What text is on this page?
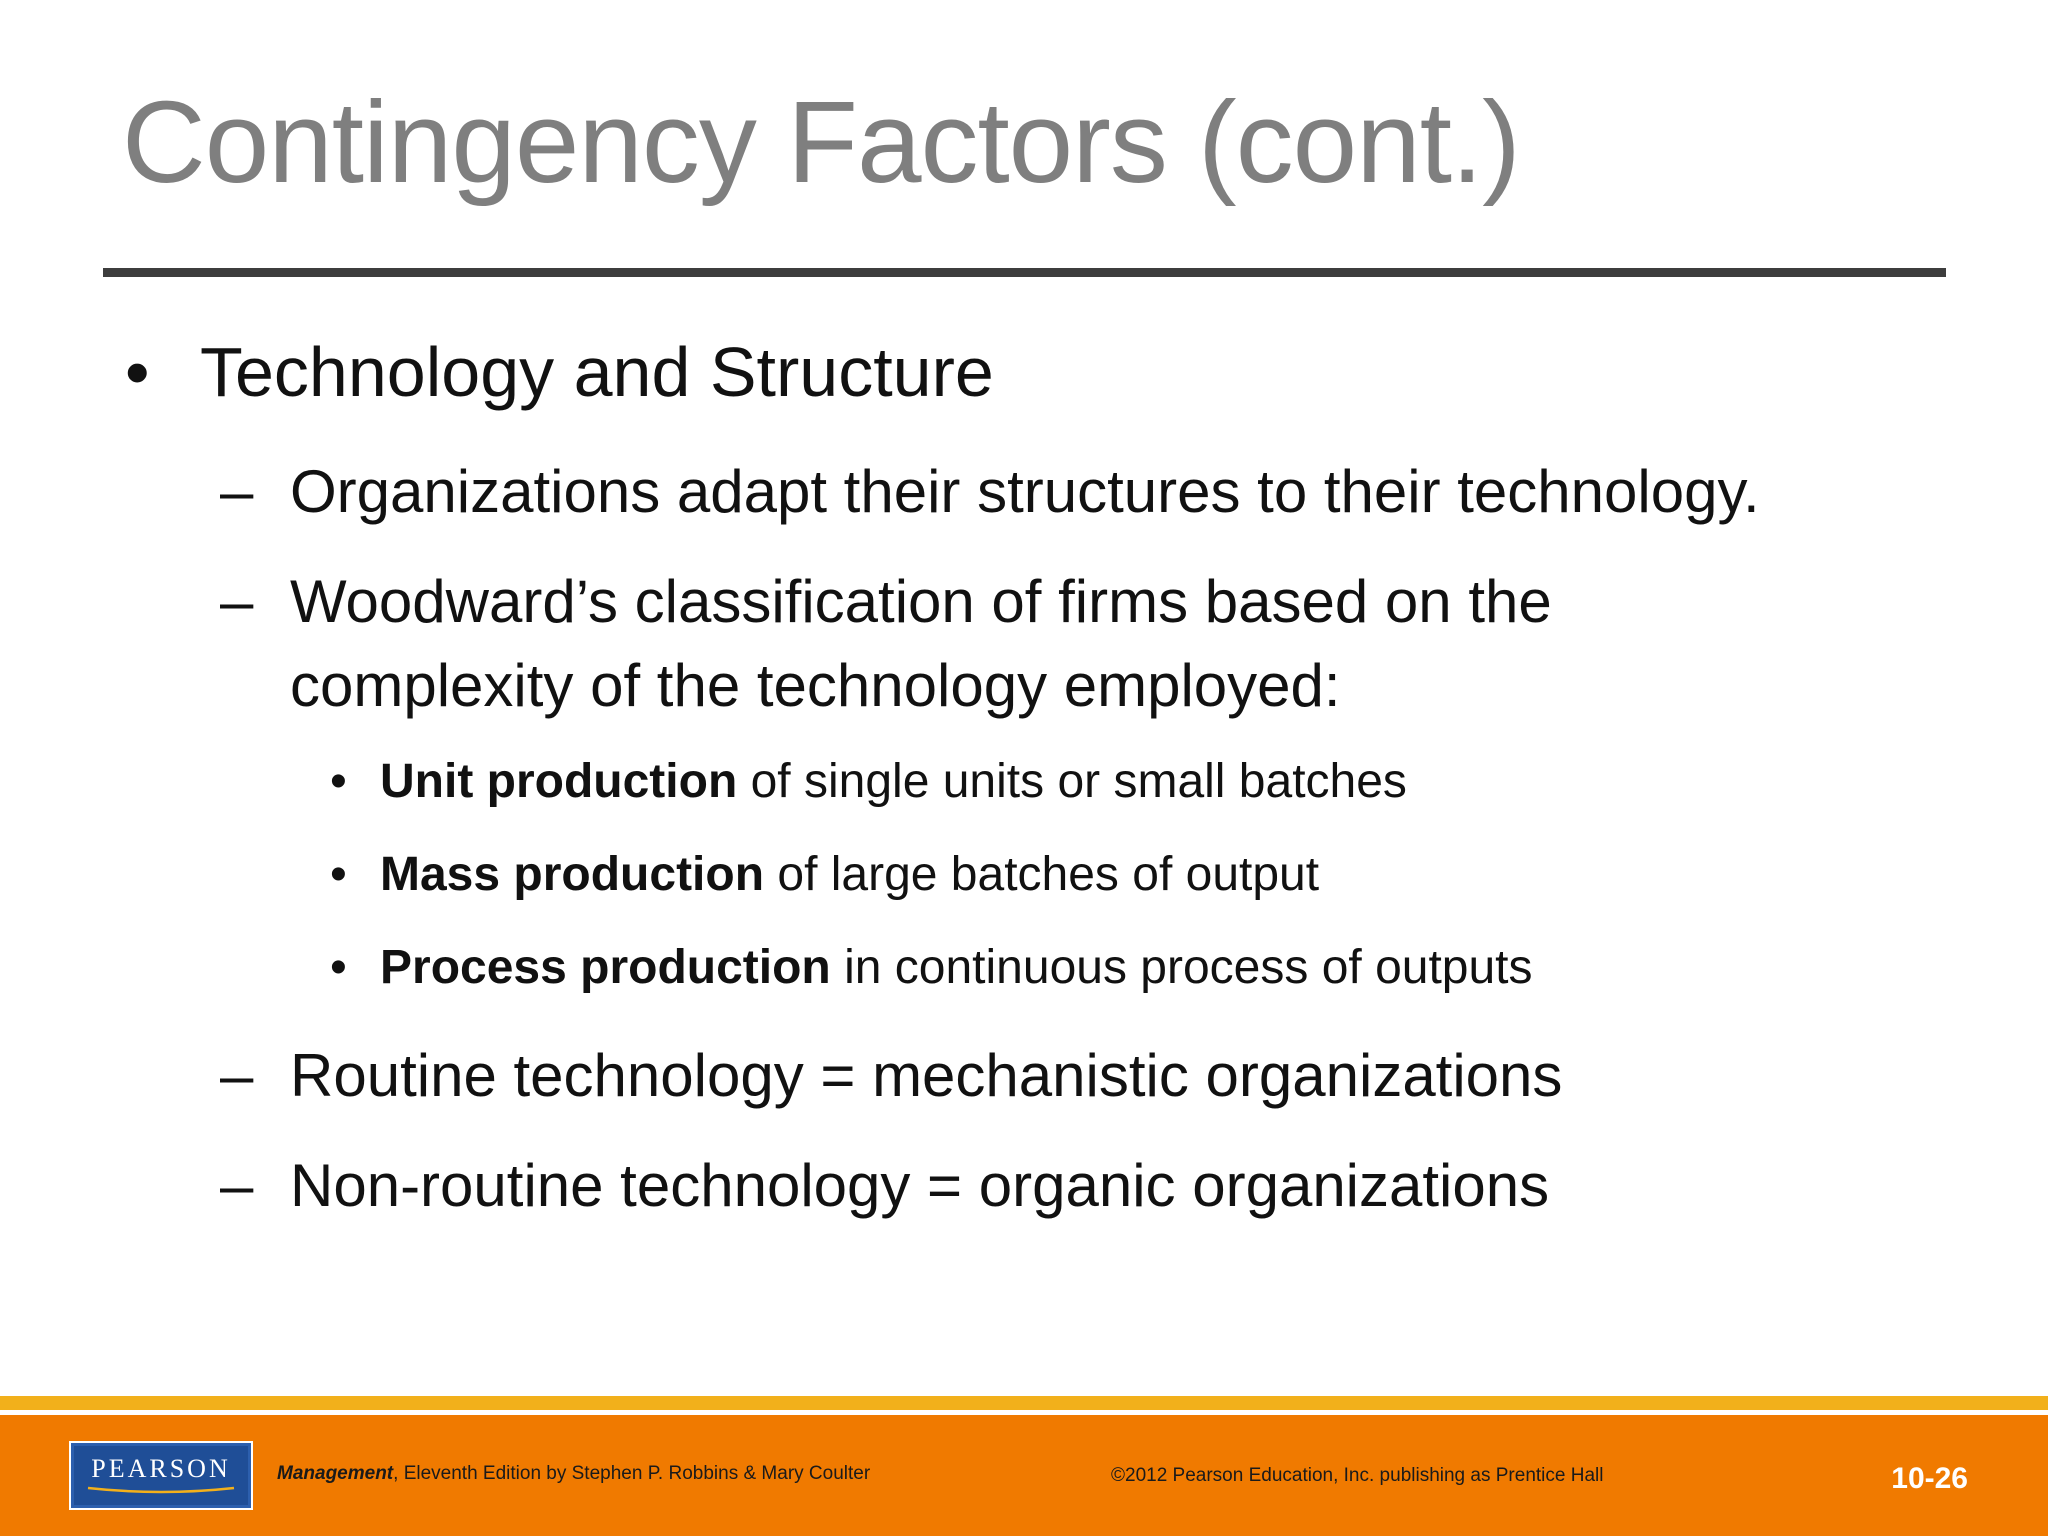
Contingency Factors (cont.)
• Technology and Structure
– Organizations adapt their structures to their technology.
– Woodward’s classification of firms based on the
complexity of the technology employed:
• Unit production of single units or small batches
• Mass production of large batches of output
• Process production in continuous process of outputs
– Routine technology = mechanistic organizations
– Non-routine technology = organic organizations
PEARSON Management, Eleventh Edition by Stephen P. Robbins & Mary Coulter	©2012 Pearson Education, Inc. publishing as Prentice Hall	10-26
